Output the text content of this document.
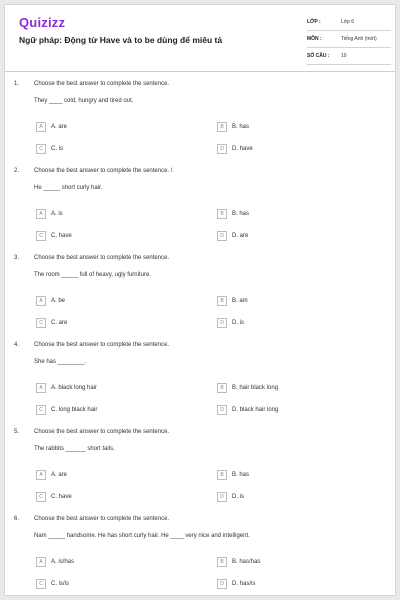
Quizizz
Ngữ pháp: Động từ Have và to be dùng để miêu tả
LỚP :	Lớp 6
MÔN :	Tiếng Anh (mới)
SỐ CÂU :	10
1. Choose the best answer to complete the sentence.
They ____ cold, hungry and tired out.
A	A. are	B	B. has
C	C. is	D	D. have
2. Choose the best answer to complete the sentence. \
He _____ short curly hair.
A	A. is	B	B. has
C	C. have	D	D. are
3. Choose the best answer to complete the sentence.
The room _____ full of heavy, ugly furniture.
A	A. be	B	B. am
C	C. are	D	D. is
4. Choose the best answer to complete the sentence.
She has ________.
A	A. black long hair	B	B. hair black long
C	C. long black hair	D	D. black hair long
5. Choose the best answer to complete the sentence.
The rabbits ______ short tails.
A	A. are	B	B. has
C	C. have	D	D. is
6. Choose the best answer to complete the sentence.
Nam _____ handsome. He has short curly hair. He ____ very nice and intelligent.
A	A. is/has	B	B. has/has
C	C. is/is	D	D. has/is
